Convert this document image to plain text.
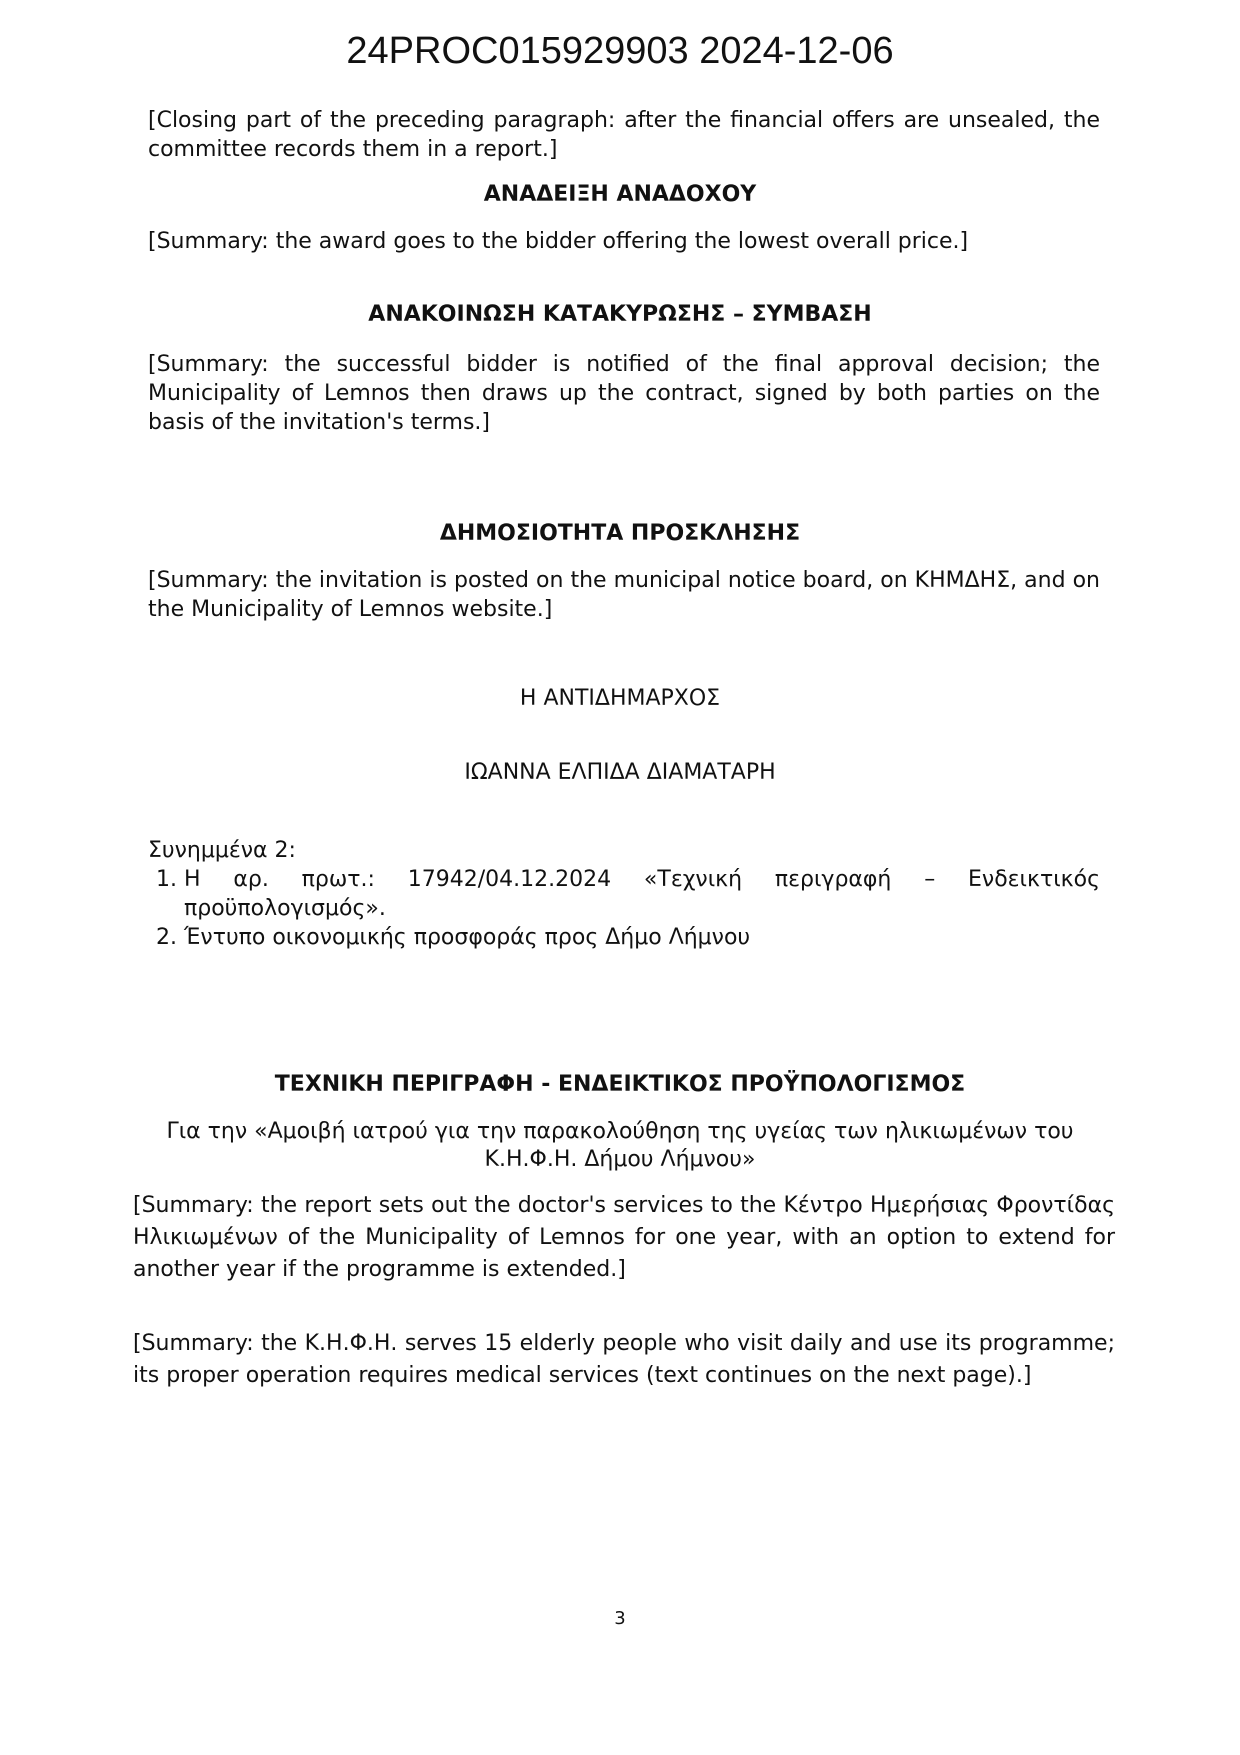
24PROC015929903 2024-12-06
[Closing part of the preceding paragraph: after the financial offers are unsealed, the committee records them in a report.]
ΑΝΑΔΕΙΞΗ ΑΝΑΔΟΧΟΥ
[Summary: the award goes to the bidder offering the lowest overall price.]
ΑΝΑΚΟΙΝΩΣΗ ΚΑΤΑΚΥΡΩΣΗΣ – ΣΥΜΒΑΣΗ
[Summary: the successful bidder is notified of the final approval decision; the Municipality of Lemnos then draws up the contract, signed by both parties on the basis of the invitation's terms.]
ΔΗΜΟΣΙΟΤΗΤΑ ΠΡΟΣΚΛΗΣΗΣ
[Summary: the invitation is posted on the municipal notice board, on ΚΗΜΔΗΣ, and on the Municipality of Lemnos website.]
Η ΑΝΤΙΔΗΜΑΡΧΟΣ
ΙΩΑΝΝΑ ΕΛΠΙΔΑ ΔΙΑΜΑΤΑΡΗ
Συνημμένα 2:
1. Η αρ. πρωτ.: 17942/04.12.2024 «Τεχνική περιγραφή – Ενδεικτικός προϋπολογισμός».
2. Έντυπο οικονομικής προσφοράς προς Δήμο Λήμνου
ΤΕΧΝΙΚΗ ΠΕΡΙΓΡΑΦΗ - ΕΝΔΕΙΚΤΙΚΟΣ ΠΡΟΫΠΟΛΟΓΙΣΜΟΣ
Για την «Αμοιβή ιατρού για την παρακολούθηση της υγείας των ηλικιωμένων του Κ.Η.Φ.Η. Δήμου Λήμνου»
[Summary: the report sets out the doctor's services to the Κέντρο Ημερήσιας Φροντίδας Ηλικιωμένων of the Municipality of Lemnos for one year, with an option to extend for another year if the programme is extended.]
[Summary: the Κ.Η.Φ.Η. serves 15 elderly people who visit daily and use its programme; its proper operation requires medical services (text continues on the next page).]
3
